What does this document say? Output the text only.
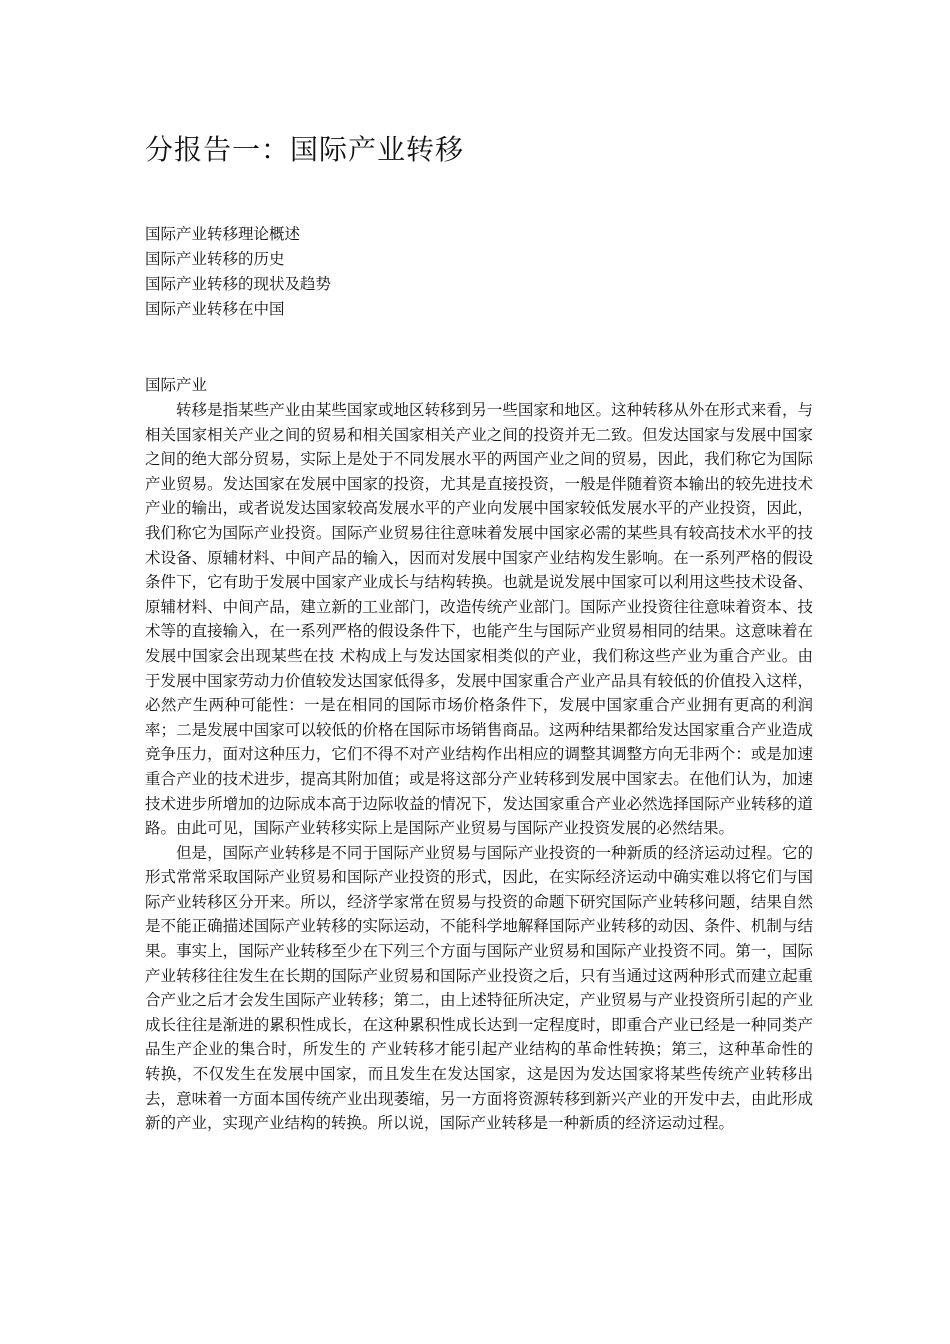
分报告一：国际产业转移
国际产业转移理论概述
国际产业转移的历史
国际产业转移的现状及趋势
国际产业转移在中国
国际产业

转移是指某些产业由某些国家或地区转移到另一些国家和地区。这种转移从外在形式来看，与相关国家相关产业之间的贸易和相关国家相关产业之间的投资并无二致。但发达国家与发展中国家之间的绝大部分贸易，实际上是处于不同发展水平的两国产业之间的贸易，因此，我们称它为国际产业贸易。发达国家在发展中国家的投资，尤其是直接投资，一般是伴随着资本输出的较先进技术产业的输出，或者说发达国家较高发展水平的产业向发展中国家较低发展水平的产业投资，因此，我们称它为国际产业投资。国际产业贸易往往意味着发展中国家必需的某些具有较高技术水平的技术设备、原辅材料、中间产品的输入，因而对发展中国家产业结构发生影响。在一系列严格的假设条件下，它有助于发展中国家产业成长与结构转换。也就是说发展中国家可以利用这些技术设备、原辅材料、中间产品，建立新的工业部门，改造传统产业部门。国际产业投资往往意味着资本、技术等的直接输入，在一系列严格的假设条件下，也能产生与国际产业贸易相同的结果。这意味着在发展中国家会出现某些在技 术构成上与发达国家相类似的产业，我们称这些产业为重合产业。由于发展中国家劳动力价值较发达国家低得多，发展中国家重合产业产品具有较低的价值投入这样，必然产生两种可能性：一是在相同的国际市场价格条件下，发展中国家重合产业拥有更高的利润率；二是发展中国家可以较低的价格在国际市场销售商品。这两种结果都给发达国家重合产业造成竞争压力，面对这种压力，它们不得不对产业结构作出相应的调整其调整方向无非两个：或是加速重合产业的技术进步，提高其附加值；或是将这部分产业转移到发展中国家去。在他们认为，加速技术进步所增加的边际成本高于边际收益的情况下，发达国家重合产业必然选择国际产业转移的道路。由此可见，国际产业转移实际上是国际产业贸易与国际产业投资发展的必然结果。

但是，国际产业转移是不同于国际产业贸易与国际产业投资的一种新质的经济运动过程。它的形式常常采取国际产业贸易和国际产业投资的形式，因此，在实际经济运动中确实难以将它们与国际产业转移区分开来。所以，经济学家常在贸易与投资的命题下研究国际产业转移问题，结果自然是不能正确描述国际产业转移的实际运动，不能科学地解释国际产业转移的动因、条件、机制与结果。事实上，国际产业转移至少在下列三个方面与国际产业贸易和国际产业投资不同。第一，国际产业转移往往发生在长期的国际产业贸易和国际产业投资之后，只有当通过这两种形式而建立起重合产业之后才会发生国际产业转移；第二，由上述特征所决定，产业贸易与产业投资所引起的产业成长往往是渐进的累积性成长，在这种累积性成长达到一定程度时，即重合产业已经是一种同类产品生产企业的集合时，所发生的 产业转移才能引起产业结构的革命性转换；第三，这种革命性的转换，不仅发生在发展中国家，而且发生在发达国家，这是因为发达国家将某些传统产业转移出去，意味着一方面本国传统产业出现萎缩，另一方面将资源转移到新兴产业的开发中去，由此形成新的产业，实现产业结构的转换。所以说，国际产业转移是一种新质的经济运动过程。
